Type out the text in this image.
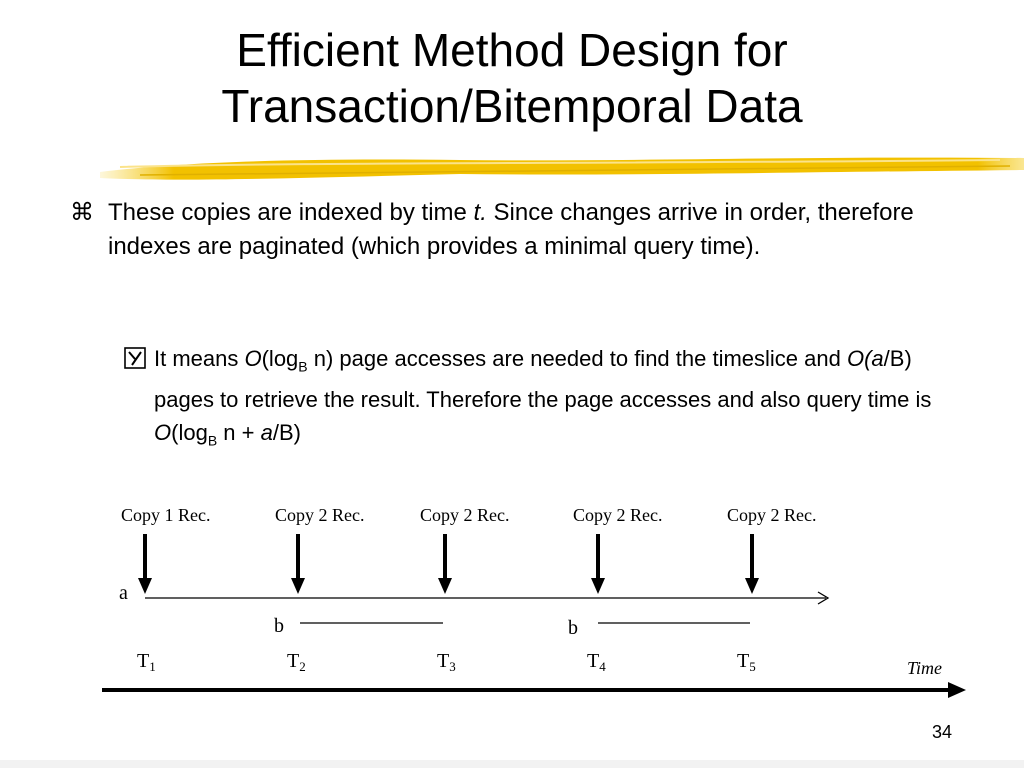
Efficient Method Design for
Transaction/Bitemporal Data
⌘ These copies are indexed by time t. Since changes arrive in order, therefore indexes are paginated (which provides a minimal query time).
It means $O(\log_B$ n) page accesses are needed to find the timeslice and O(a/B) pages to retrieve the result. Therefore the page accesses and also query time is $O(\log_B$ n + a/B)
Copy 1 Rec.	Copy 2 Rec.	Copy 2 Rec.	Copy 2 Rec.	Copy 2 Rec.
a
b	b
$T_1$	$T_2$	$T_3$	$T_4$	$T_5$	Time
34
